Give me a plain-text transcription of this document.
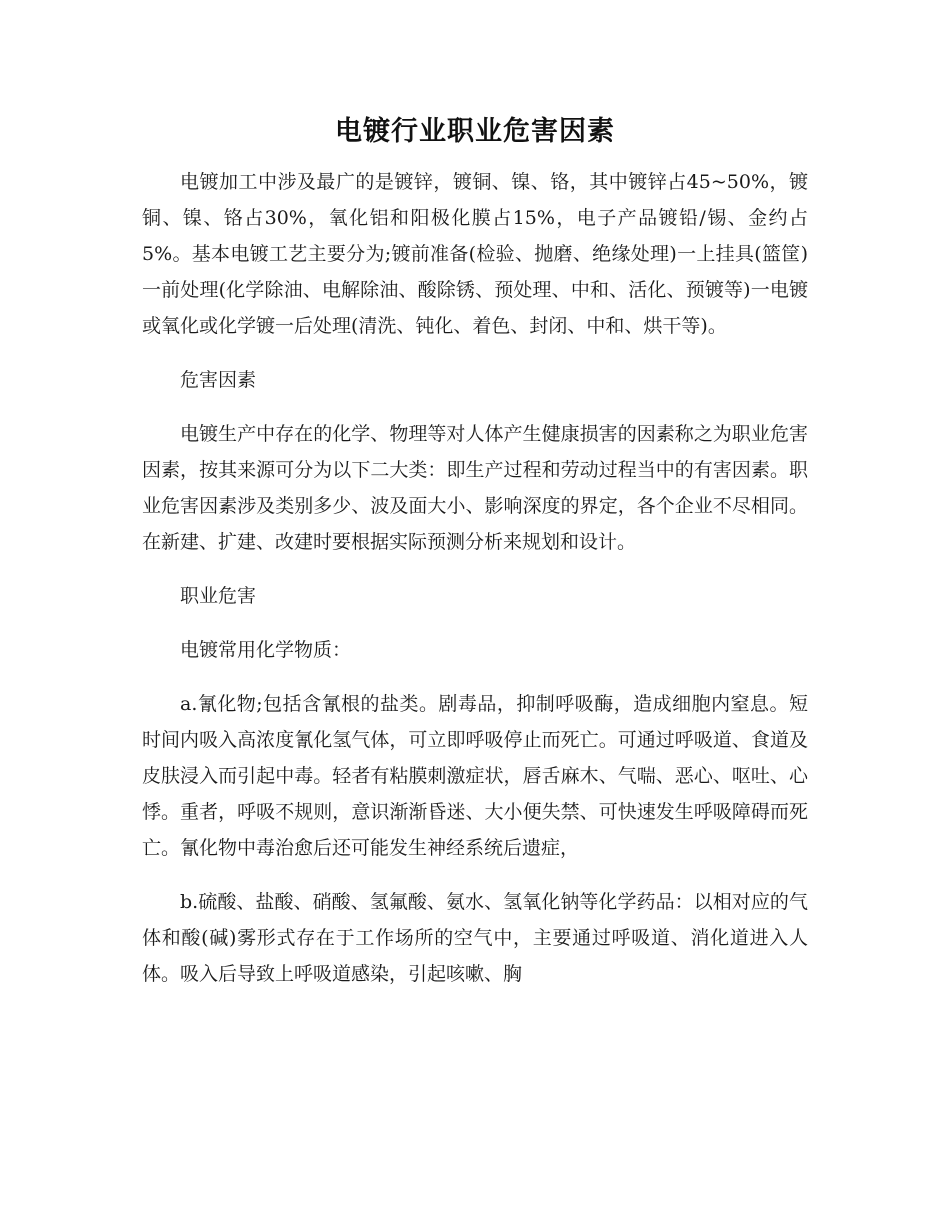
电镀行业职业危害因素

电镀加工中涉及最广的是镀锌，镀铜、镍、铬，其中镀锌占45~50%，镀铜、镍、铬占30%，氧化铝和阳极化膜占15%，电子产品镀铅/锡、金约占5%。基本电镀工艺主要分为;镀前准备(检验、抛磨、绝缘处理)一上挂具(篮筐)一前处理(化学除油、电解除油、酸除锈、预处理、中和、活化、预镀等)一电镀或氧化或化学镀一后处理(清洗、钝化、着色、封闭、中和、烘干等)。

危害因素

电镀生产中存在的化学、物理等对人体产生健康损害的因素称之为职业危害因素，按其来源可分为以下二大类：即生产过程和劳动过程当中的有害因素。职业危害因素涉及类别多少、波及面大小、影响深度的界定，各个企业不尽相同。在新建、扩建、改建时要根据实际预测分析来规划和设计。

职业危害

电镀常用化学物质：

a.氰化物;包括含氰根的盐类。剧毒品，抑制呼吸酶，造成细胞内窒息。短时间内吸入高浓度氰化氢气体，可立即呼吸停止而死亡。可通过呼吸道、食道及皮肤浸入而引起中毒。轻者有粘膜刺激症状，唇舌麻木、气喘、恶心、呕吐、心悸。重者，呼吸不规则，意识渐渐昏迷、大小便失禁、可快速发生呼吸障碍而死亡。氰化物中毒治愈后还可能发生神经系统后遗症，

b.硫酸、盐酸、硝酸、氢氟酸、氨水、氢氧化钠等化学药品：以相对应的气体和酸(碱)雾形式存在于工作场所的空气中，主要通过呼吸道、消化道进入人体。吸入后导致上呼吸道感染，引起咳嗽、胸
